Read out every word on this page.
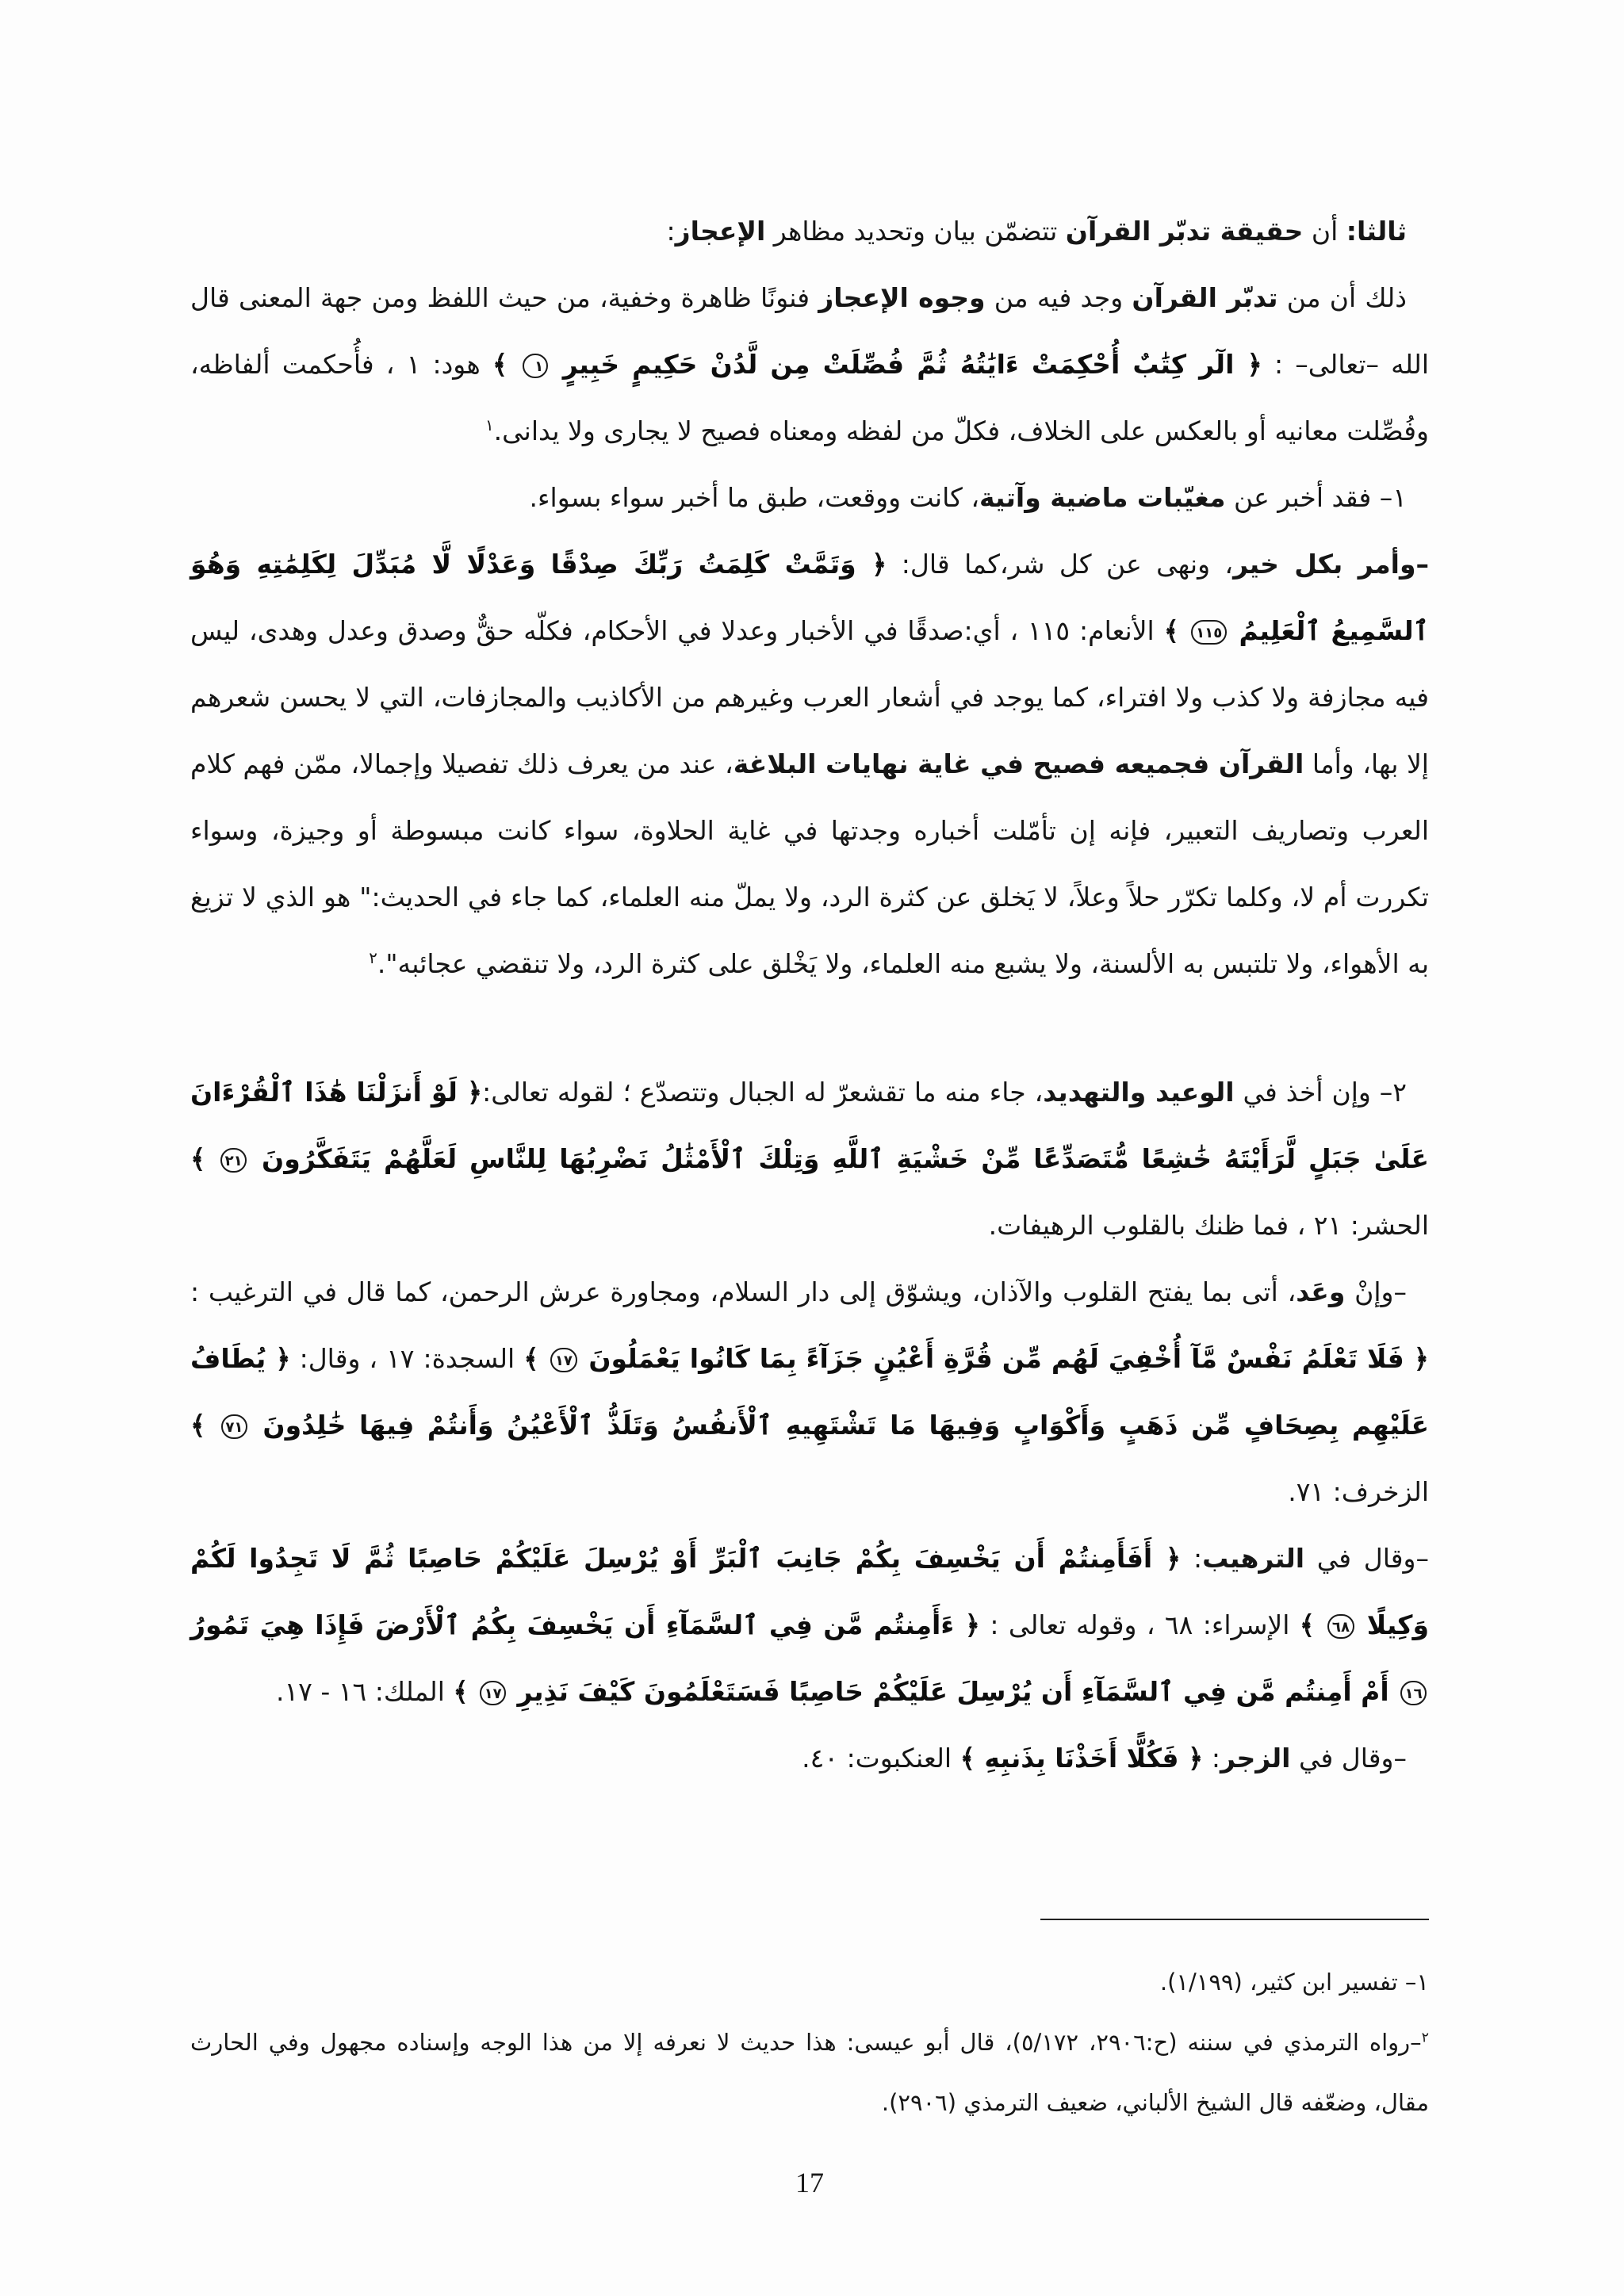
ثالثا: أن حقيقة تدبّر القرآن تتضمّن بيان وتحديد مظاهر الإعجاز:

ذلك أن من تدبّر القرآن وجد فيه من وجوه الإعجاز فنونًا ظاهرة وخفية، من حيث اللفظ ومن جهة المعنى قال الله –تعالى– : ﴿ الٓر كِتَٰبٌ أُحْكِمَتْ ءَايَٰتُهُ ثُمَّ فُصِّلَتْ مِن لَّدُنْ حَكِيمٍ خَبِيرٍ ١ ﴾ هود: ١ ، فأُحكمت ألفاظه، وفُصِّلت معانيه أو بالعكس على الخلاف، فكلّ من لفظه ومعناه فصيح لا يجارى ولا يدانى.$^١$

١– فقد أخبر عن مغيّبات ماضية وآتية، كانت ووقعت، طبق ما أخبر سواء بسواء.

–وأمر بكل خير، ونهى عن كل شر،كما قال: ﴿ وَتَمَّتْ كَلِمَتُ رَبِّكَ صِدْقًا وَعَدْلًا لَّا مُبَدِّلَ لِكَلِمَٰتِهِ وَهُوَ ٱلسَّمِيعُ ٱلْعَلِيمُ ١١٥ ﴾ الأنعام: ١١٥ ، أي:صدقًا في الأخبار وعدلا في الأحكام، فكلّه حقٌّ وصدق وعدل وهدى، ليس فيه مجازفة ولا كذب ولا افتراء، كما يوجد في أشعار العرب وغيرهم من الأكاذيب والمجازفات، التي لا يحسن شعرهم إلا بها، وأما القرآن فجميعه فصيح في غاية نهايات البلاغة، عند من يعرف ذلك تفصيلا وإجمالا، ممّن فهم كلام العرب وتصاريف التعبير، فإنه إن تأمّلت أخباره وجدتها في غاية الحلاوة، سواء كانت مبسوطة أو وجيزة، وسواء تكررت أم لا، وكلما تكرّر حلاً وعلاً، لا يَخلق عن كثرة الرد، ولا يملّ منه العلماء، كما جاء في الحديث:" هو الذي لا تزيغ به الأهواء، ولا تلتبس به الألسنة، ولا يشبع منه العلماء، ولا يَخْلق على كثرة الرد، ولا تنقضي عجائبه".$^٢$

٢– وإن أخذ في الوعيد والتهديد، جاء منه ما تقشعرّ له الجبال وتتصدّع ؛ لقوله تعالى:﴿ لَوْ أَنزَلْنَا هَٰذَا ٱلْقُرْءَانَ عَلَىٰ جَبَلٍ لَّرَأَيْتَهُ خَٰشِعًا مُّتَصَدِّعًا مِّنْ خَشْيَةِ ٱللَّهِ وَتِلْكَ ٱلْأَمْثَٰلُ نَضْرِبُهَا لِلنَّاسِ لَعَلَّهُمْ يَتَفَكَّرُونَ ٢١ ﴾ الحشر: ٢١ ، فما ظنك بالقلوب الرهيفات.

–وإنْ وعَد، أتى بما يفتح القلوب والآذان، ويشوّق إلى دار السلام، ومجاورة عرش الرحمن، كما قال في الترغيب : ﴿ فَلَا تَعْلَمُ نَفْسٌ مَّآ أُخْفِيَ لَهُم مِّن قُرَّةِ أَعْيُنٍ جَزَآءً بِمَا كَانُوا يَعْمَلُونَ ١٧ ﴾ السجدة: ١٧ ، وقال: ﴿ يُطَافُ عَلَيْهِم بِصِحَافٍ مِّن ذَهَبٍ وَأَكْوَابٍ وَفِيهَا مَا تَشْتَهِيهِ ٱلْأَنفُسُ وَتَلَذُّ ٱلْأَعْيُنُ وَأَنتُمْ فِيهَا خَٰلِدُونَ ٧١ ﴾ الزخرف: ٧١.

–وقال في الترهيب: ﴿ أَفَأَمِنتُمْ أَن يَخْسِفَ بِكُمْ جَانِبَ ٱلْبَرِّ أَوْ يُرْسِلَ عَلَيْكُمْ حَاصِبًا ثُمَّ لَا تَجِدُوا لَكُمْ وَكِيلًا ٦٨ ﴾ الإسراء: ٦٨ ، وقوله تعالى : ﴿ ءَأَمِنتُم مَّن فِي ٱلسَّمَآءِ أَن يَخْسِفَ بِكُمُ ٱلْأَرْضَ فَإِذَا هِيَ تَمُورُ ١٦ أَمْ أَمِنتُم مَّن فِي ٱلسَّمَآءِ أَن يُرْسِلَ عَلَيْكُمْ حَاصِبًا فَسَتَعْلَمُونَ كَيْفَ نَذِيرِ ١٧ ﴾ الملك: ١٦ - ١٧.

–وقال في الزجر: ﴿ فَكُلًّا أَخَذْنَا بِذَنبِهِ ﴾ العنكبوت: ٤٠.

١– تفسير ابن كثير، (١/١٩٩).

$^٢$–رواه الترمذي في سننه (ح:٢٩٠٦، ٥/١٧٢)، قال أبو عيسى: هذا حديث لا نعرفه إلا من هذا الوجه وإسناده مجهول وفي الحارث مقال، وضعّفه قال الشيخ الألباني، ضعيف الترمذي (٢٩٠٦).

17
